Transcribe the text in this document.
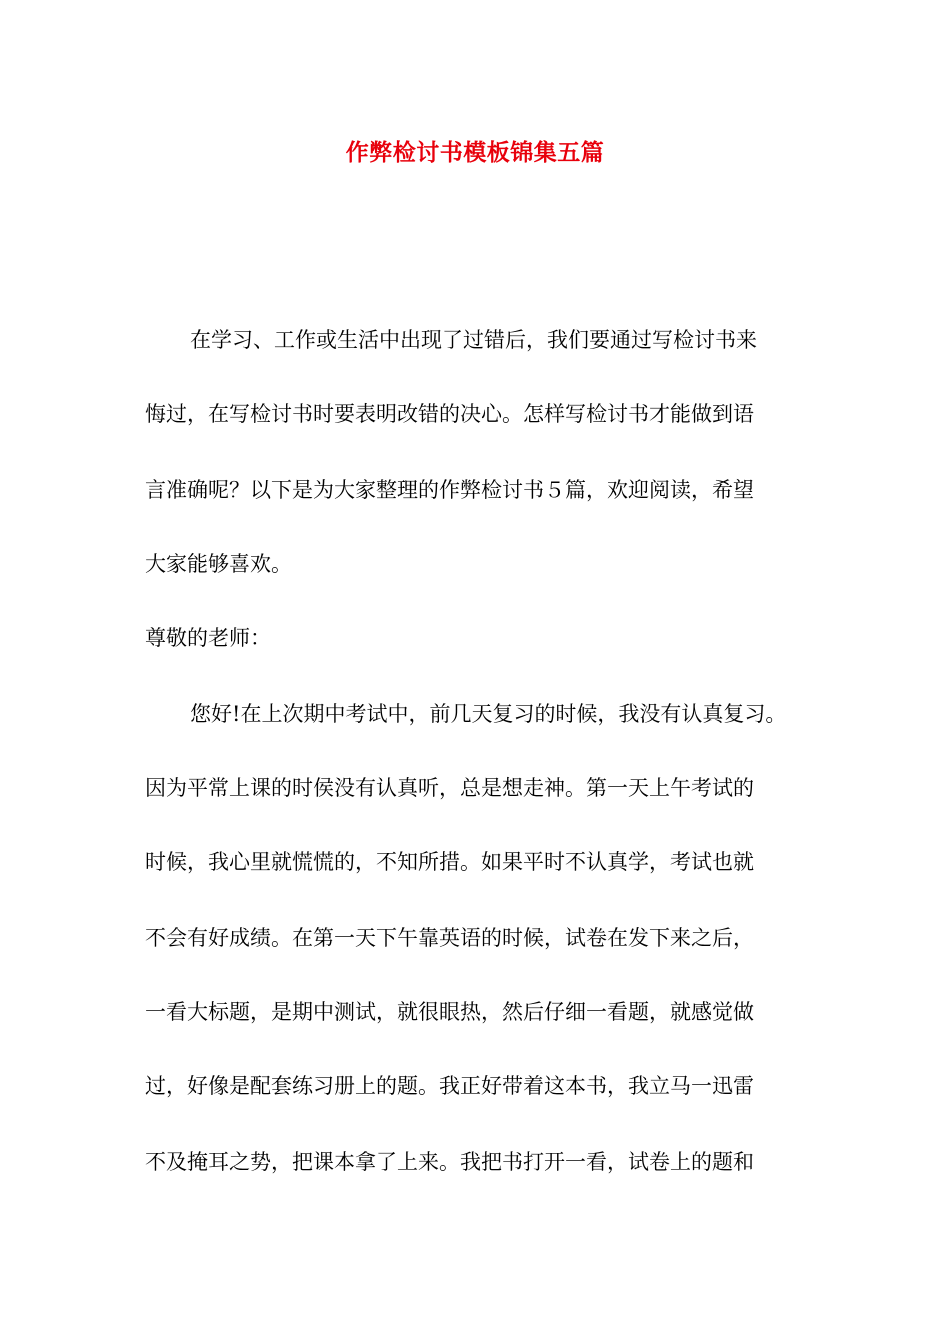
作弊检讨书模板锦集五篇
在学习、工作或生活中出现了过错后，我们要通过写检讨书来
悔过，在写检讨书时要表明改错的决心。怎样写检讨书才能做到语
言准确呢？以下是为大家整理的作弊检讨书５篇，欢迎阅读，希望
大家能够喜欢。
尊敬的老师：
您好!在上次期中考试中，前几天复习的时候，我没有认真复习。
因为平常上课的时侯没有认真听，总是想走神。第一天上午考试的
时候，我心里就慌慌的，不知所措。如果平时不认真学，考试也就
不会有好成绩。在第一天下午靠英语的时候，试卷在发下来之后，
一看大标题，是期中测试，就很眼热，然后仔细一看题，就感觉做
过，好像是配套练习册上的题。我正好带着这本书，我立马一迅雷
不及掩耳之势，把课本拿了上来。我把书打开一看，试卷上的题和
